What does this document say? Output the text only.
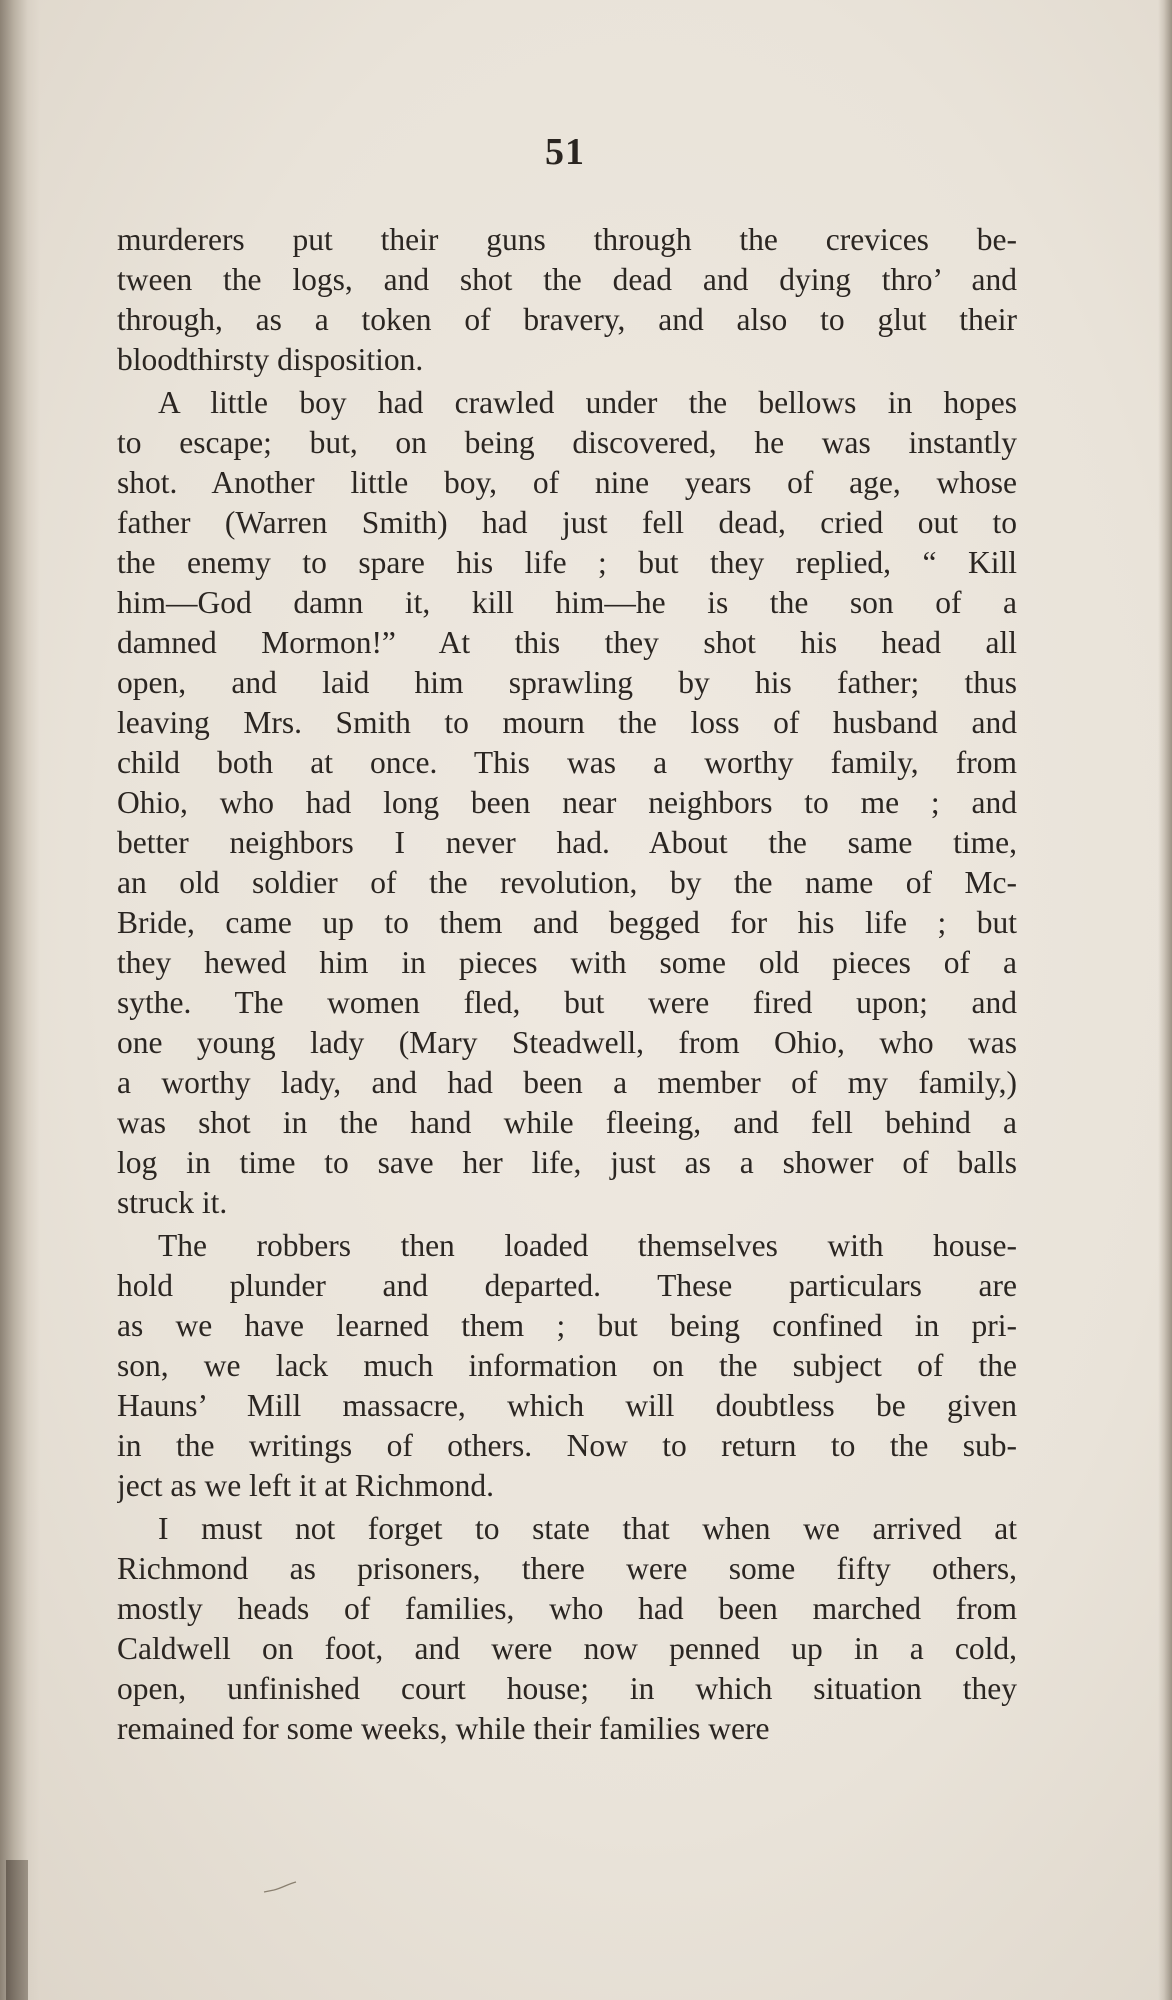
51
murderers put their guns through the crevices be-
tween the logs, and shot the dead and dying thro’ and
through, as a token of bravery, and also to glut their
bloodthirsty disposition.
A little boy had crawled under the bellows in hopes
to escape; but, on being discovered, he was instantly
shot. Another little boy, of nine years of age, whose
father (Warren Smith) had just fell dead, cried out to
the enemy to spare his life ; but they replied, “ Kill
him—God damn it, kill him—he is the son of a
damned Mormon!” At this they shot his head all
open, and laid him sprawling by his father; thus
leaving Mrs. Smith to mourn the loss of husband and
child both at once. This was a worthy family, from
Ohio, who had long been near neighbors to me ; and
better neighbors I never had. About the same time,
an old soldier of the revolution, by the name of Mc-
Bride, came up to them and begged for his life ; but
they hewed him in pieces with some old pieces of a
sythe. The women fled, but were fired upon; and
one young lady (Mary Steadwell, from Ohio, who was
a worthy lady, and had been a member of my family,)
was shot in the hand while fleeing, and fell behind a
log in time to save her life, just as a shower of balls
struck it.
The robbers then loaded themselves with house-
hold plunder and departed. These particulars are
as we have learned them ; but being confined in pri-
son, we lack much information on the subject of the
Hauns’ Mill massacre, which will doubtless be given
in the writings of others. Now to return to the sub-
ject as we left it at Richmond.
I must not forget to state that when we arrived at
Richmond as prisoners, there were some fifty others,
mostly heads of families, who had been marched from
Caldwell on foot, and were now penned up in a cold,
open, unfinished court house; in which situation they
remained for some weeks, while their families were
